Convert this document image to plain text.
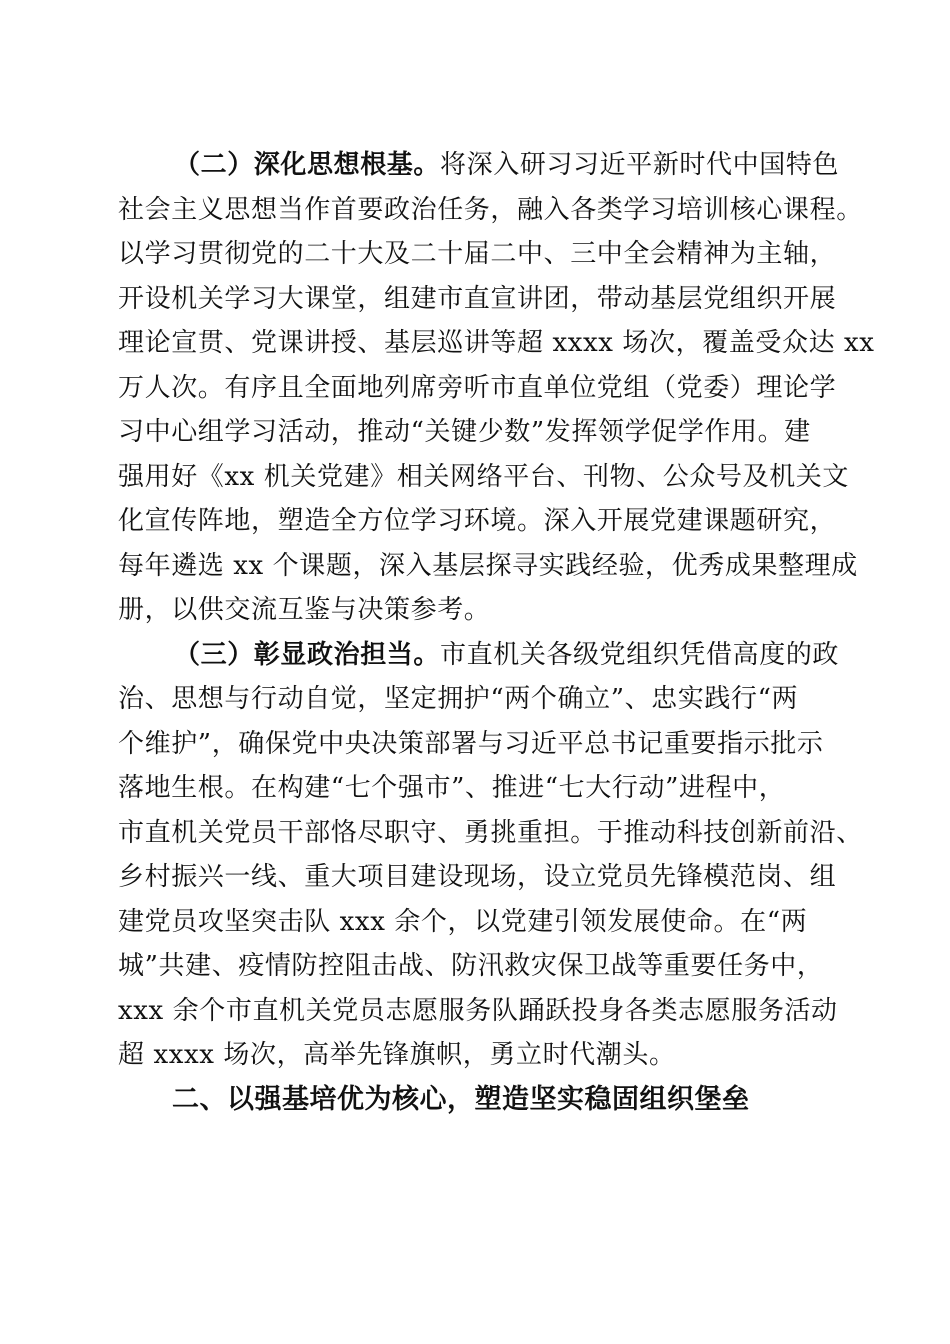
（二）深化思想根基。将深入研习习近平新时代中国特色
社会主义思想当作首要政治任务，融入各类学习培训核心课程。
以学习贯彻党的二十大及二十届二中、三中全会精神为主轴，
开设机关学习大课堂，组建市直宣讲团，带动基层党组织开展
理论宣贯、党课讲授、基层巡讲等超 xxxx 场次，覆盖受众达 xx
万人次。有序且全面地列席旁听市直单位党组（党委）理论学
习中心组学习活动，推动“关键少数”发挥领学促学作用。建
强用好《xx 机关党建》相关网络平台、刊物、公众号及机关文
化宣传阵地，塑造全方位学习环境。深入开展党建课题研究，
每年遴选 xx 个课题，深入基层探寻实践经验，优秀成果整理成
册，以供交流互鉴与决策参考。
（三）彰显政治担当。市直机关各级党组织凭借高度的政
治、思想与行动自觉，坚定拥护“两个确立”、忠实践行“两
个维护”，确保党中央决策部署与习近平总书记重要指示批示
落地生根。在构建“七个强市”、推进“七大行动”进程中，
市直机关党员干部恪尽职守、勇挑重担。于推动科技创新前沿、
乡村振兴一线、重大项目建设现场，设立党员先锋模范岗、组
建党员攻坚突击队 xxx 余个，以党建引领发展使命。在“两
城”共建、疫情防控阻击战、防汛救灾保卫战等重要任务中，
xxx 余个市直机关党员志愿服务队踊跃投身各类志愿服务活动
超 xxxx 场次，高举先锋旗帜，勇立时代潮头。
二、以强基培优为核心，塑造坚实稳固组织堡垒
